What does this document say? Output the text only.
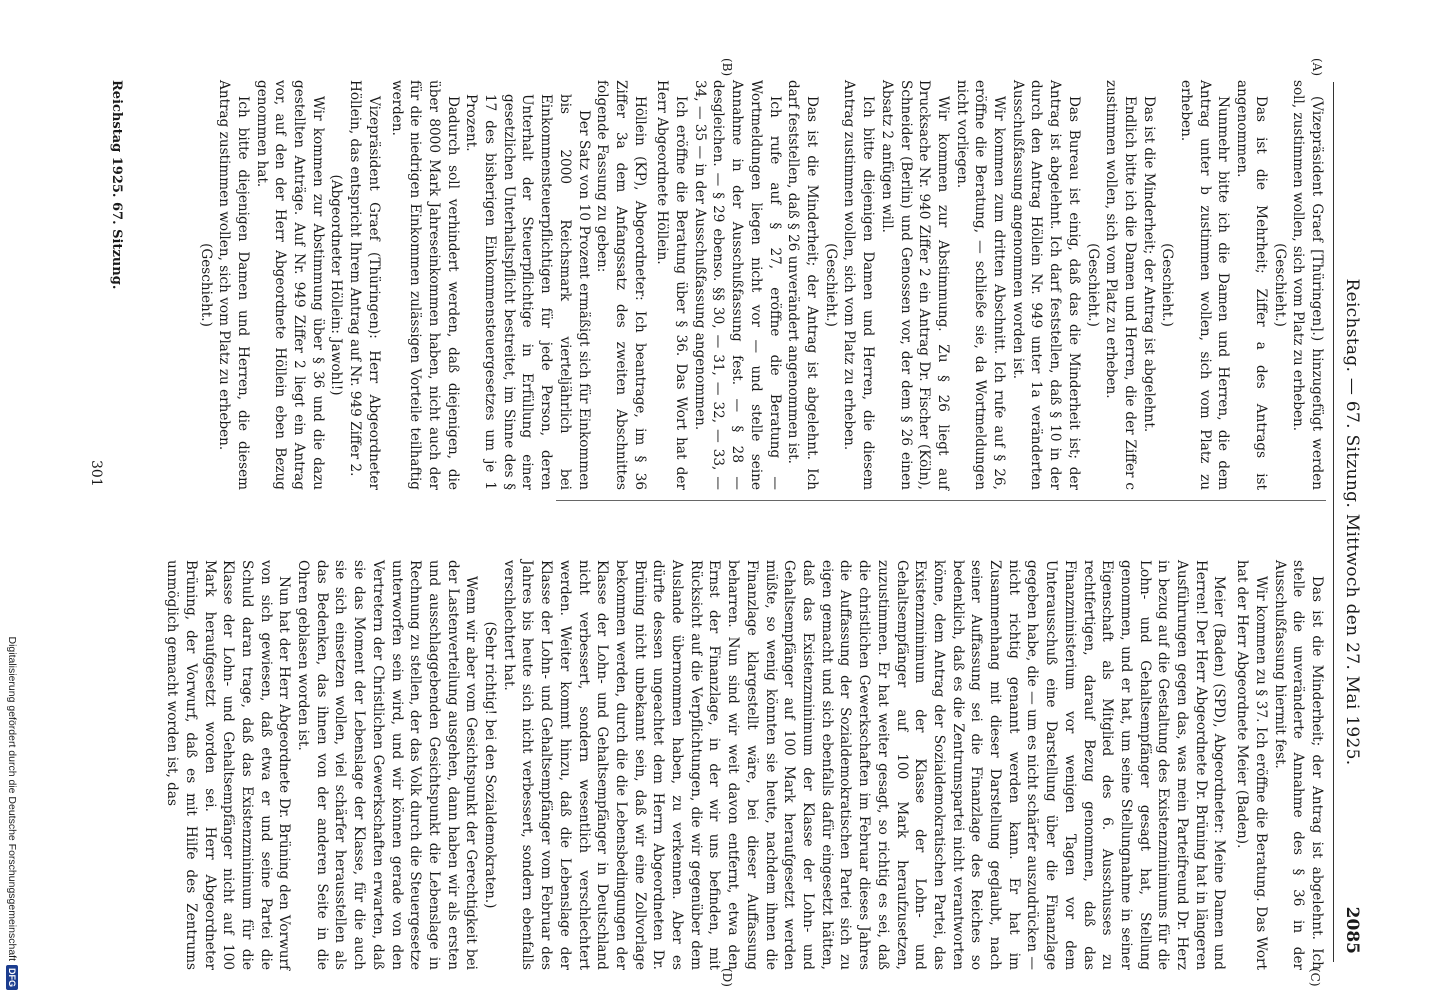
Reichstag. — 67. Sitzung. Mittwoch den 27. Mai 1925.
2085
(A)
(B)
(C)
(D)

(Vizepräsident Graef [Thüringen].) hinzugefügt werden soll, zustimmen wollen, sich vom Platz zu erheben.

(Geschieht.)

Das ist die Mehrheit; Ziffer a des Antrags ist angenommen.

Nunmehr bitte ich die Damen und Herren, die dem Antrag unter b zustimmen wollen, sich vom Platz zu erheben.

(Geschieht.)

Das ist die Minderheit; der Antrag ist abgelehnt.

Endlich bitte ich die Damen und Herren, die der Ziffer c zustimmen wollen, sich vom Platz zu erheben.

(Geschieht.)

Das Bureau ist einig, daß das die Minderheit ist; der Antrag ist abgelehnt. Ich darf feststellen, daß § 10 in der durch den Antrag Höllein Nr. 949 unter 1a veränderten Ausschußfassung angenommen worden ist.

Wir kommen zum dritten Abschnitt. Ich rufe auf § 26, eröffne die Beratung, — schließe sie, da Wortmeldungen nicht vorliegen.

Wir kommen zur Abstimmung. Zu § 26 liegt auf Drucksache Nr. 940 Ziffer 2 ein Antrag Dr. Fischer (Köln), Schneider (Berlin) und Genossen vor, der dem § 26 einen Absatz 2 anfügen will.

Ich bitte diejenigen Damen und Herren, die diesem Antrag zustimmen wollen, sich vom Platz zu erheben.

(Geschieht.)

Das ist die Minderheit; der Antrag ist abgelehnt. Ich darf feststellen, daß § 26 unverändert angenommen ist.

Ich rufe auf § 27, eröffne die Beratung — Wortmeldungen liegen nicht vor — und stelle seine Annahme in der Ausschußfassung fest. — § 28 — desgleichen. — § 29 ebenso. §§ 30, — 31, — 32, — 33, — 34, — 35 — in der Ausschußfassung angenommen.

Ich eröffne die Beratung über § 36. Das Wort hat der Herr Abgeordnete Höllein.

Höllein (KP), Abgeordneter: Ich beantrage, im § 36 Ziffer 3a dem Anfangssatz des zweiten Abschnittes folgende Fassung zu geben:

Der Satz von 10 Prozent ermäßigt sich für Einkommen bis 2000 Reichsmark vierteljährlich bei Einkommensteuerpflichtigen für jede Person, deren Unterhalt der Steuerpflichtige in Erfüllung einer gesetzlichen Unterhaltspflicht bestreitet, im Sinne des § 17 des bisherigen Einkommensteuergesetzes um je 1 Prozent.

Dadurch soll verhindert werden, daß diejenigen, die über 8000 Mark Jahreseinkommen haben, nicht auch der für die niedrigen Einkommen zulässigen Vorteile teilhaftig werden.

Vizepräsident Graef (Thüringen): Herr Abgeordneter Höllein, das entspricht Ihrem Antrag auf Nr. 949 Ziffer 2.

(Abgeordneter Höllein: Jawohl!)

Wir kommen zur Abstimmung über § 36 und die dazu gestellten Anträge. Auf Nr. 949 Ziffer 2 liegt ein Antrag vor, auf den der Herr Abgeordnete Höllein eben Bezug genommen hat.

Ich bitte diejenigen Damen und Herren, die diesem Antrag zustimmen wollen, sich vom Platz zu erheben.

(Geschieht.)

Das ist die Minderheit; der Antrag ist abgelehnt. Ich stelle die unveränderte Annahme des § 36 in der Ausschußfassung hiermit fest.

Wir kommen zu § 37. Ich eröffne die Beratung. Das Wort hat der Herr Abgeordnete Meier (Baden).

Meier (Baden) (SPD), Abgeordneter: Meine Damen und Herren! Der Herr Abgeordnete Dr. Brüning hat in längeren Ausführungen gegen das, was mein Parteifreund Dr. Herz in bezug auf die Gestaltung des Existenzminimums für die Lohn- und Gehaltsempfänger gesagt hat, Stellung genommen, und er hat, um seine Stellungnahme in seiner Eigenschaft als Mitglied des 6. Ausschusses zu rechtfertigen, darauf Bezug genommen, daß das Finanzministerium vor wenigen Tagen vor dem Unterausschuß eine Darstellung über die Finanzlage gegeben habe, die — um es nicht schärfer auszudrücken — nicht richtig genannt werden kann. Er hat im Zusammenhang mit dieser Darstellung geglaubt, nach seiner Auffassung sei die Finanzlage des Reiches so bedenklich, daß es die Zentrumspartei nicht verantworten könne, dem Antrag der Sozialdemokratischen Partei, das Existenzminimum der Klasse der Lohn- und Gehaltsempfänger auf 100 Mark heraufzusetzen, zuzustimmen. Er hat weiter gesagt, so richtig es sei, daß die christlichen Gewerkschaften im Februar dieses Jahres die Auffassung der Sozialdemokratischen Partei sich zu eigen gemacht und sich ebenfalls dafür eingesetzt hätten, daß das Existenzminimum der Klasse der Lohn- und Gehaltsempfänger auf 100 Mark heraufgesetzt werden müßte, so wenig könnten sie heute, nachdem ihnen die Finanzlage klargestellt wäre, bei dieser Auffassung beharren. Nun sind wir weit davon entfernt, etwa den Ernst der Finanzlage, in der wir uns befinden, mit Rücksicht auf die Verpflichtungen, die wir gegenüber dem Auslande übernommen haben, zu verkennen. Aber es dürfte dessen ungeachtet dem Herrn Abgeordneten Dr. Brüning nicht unbekannt sein, daß wir eine Zollvorlage bekommen werden, durch die die Lebensbedingungen der Klasse der Lohn- und Gehaltsempfänger in Deutschland nicht verbessert, sondern wesentlich verschlechtert werden. Weiter kommt hinzu, daß die Lebenslage der Klasse der Lohn- und Gehaltsempfänger vom Februar des Jahres bis heute sich nicht verbessert, sondern ebenfalls verschlechtert hat.

(Sehr richtig! bei den Sozialdemokraten.)

Wenn wir aber vom Gesichtspunkt der Gerechtigkeit bei der Lastenverteilung ausgehen, dann haben wir als ersten und ausschlaggebenden Gesichtspunkt die Lebenslage in Rechnung zu stellen, der das Volk durch die Steuergesetze unterworfen sein wird, und wir können gerade von den Vertretern der Christlichen Gewerkschaften erwarten, daß sie das Moment der Lebenslage der Klasse, für die auch sie sich einsetzen wollen, viel schärfer herausstellen als das Bedenken, das ihnen von der anderen Seite in die Ohren geblasen worden ist.

Nun hat der Herr Abgeordnete Dr. Brüning den Vorwurf von sich gewiesen, daß etwa er und seine Partei die Schuld daran trage, daß das Existenzminimum für die Klasse der Lohn- und Gehaltsempfänger nicht auf 100 Mark heraufgesetzt worden sei. Herr Abgeordneter Brüning, der Vorwurf, daß es mit Hilfe des Zentrums unmöglich gemacht worden ist, das

Reichstag 1925. 67. Sitzung.
301
Digitalisierung gefördert durch die Deutsche Forschungsgemeinschaft
DFG
